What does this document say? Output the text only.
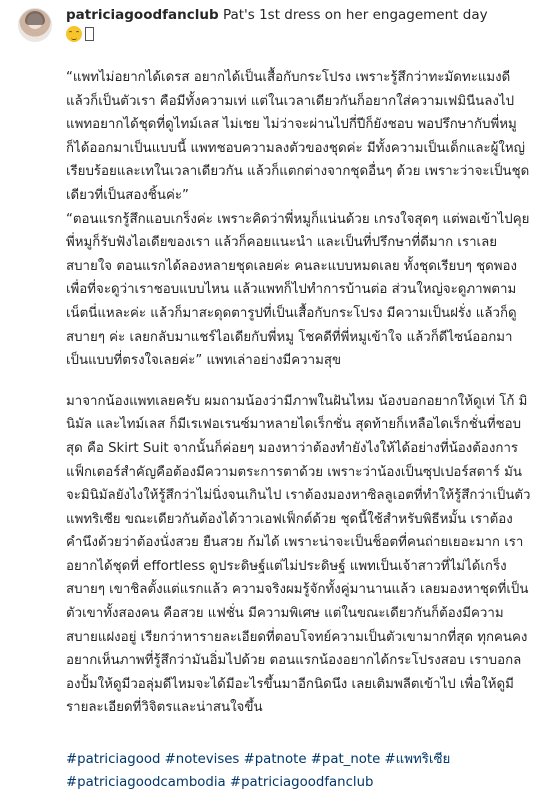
patriciagoodfanclub Pat's 1st dress on her engagement day

“แพทไม่อยากได้เดรส อยากได้เป็นเสื้อกับกระโปรง เพราะรู้สึกว่าทะมัดทะแมงดี แล้วก็เป็นตัวเรา คือมีทั้งความเท่ แต่ในเวลาเดียวกันก็อยากใส่ความเฟมินีนลงไป แพทอยากได้ชุดที่ดูไทม์เลส ไม่เชย ไม่ว่าจะผ่านไปกี่ปีก็ยังชอบ พอปรึกษากับพี่หมูก็ได้ออกมาเป็นแบบนี้ แพทชอบความลงตัวของชุดค่ะ มีทั้งความเป็นเด็กและผู้ใหญ่ เรียบร้อยและเทในเวลาเดียวกัน แล้วก็แตกต่างจากชุดอื่นๆ ด้วย เพราะว่าจะเป็นชุดเดียวที่เป็นสองชิ้นค่ะ”

“ตอนแรกรู้สึกแอบเกร็งค่ะ เพราะคิดว่าพี่หมูก็แน่นด้วย เกรงใจสุดๆ แต่พอเข้าไปคุย พี่หมูก็รับฟังไอเดียของเรา แล้วก็คอยแนะนำ และเป็นที่ปรึกษาที่ดีมาก เราเลยสบายใจ ตอนแรกได้ลองหลายชุดเลยค่ะ คนละแบบหมดเลย ทั้งชุดเรียบๆ ชุดพอง เพื่อที่จะดูว่าเราชอบแบบไหน แล้วแพทก็ไปทำการบ้านต่อ ส่วนใหญ่จะดูภาพตามเน็ตนี่แหละค่ะ แล้วก็มาสะดุดตารูปที่เป็นเสื้อกับกระโปรง มีความเป็นฝรั่ง แล้วก็ดูสบายๆ ค่ะ เลยกลับมาแชร์ไอเดียกับพี่หมู โชคดีที่พี่หมูเข้าใจ แล้วก็ดีไซน์ออกมาเป็นแบบที่ตรงใจเลยค่ะ” แพทเล่าอย่างมีความสุข

มาจากน้องแพทเลยครับ ผมถามน้องว่ามีภาพในฝันไหม น้องบอกอยากให้ดูเท่ โก้ มินิมัล และไทม์เลส ก็มีเรเฟอเรนซ์มาหลายไดเร็กชั่น สุดท้ายก็เหลือไดเร็กชั่นที่ชอบสุด คือ Skirt Suit จากนั้นก็ค่อยๆ มองหาว่าต้องทำยังไงให้ได้อย่างที่น้องต้องการ แฟ็กเตอร์สำคัญคือต้องมีความตระการตาด้วย เพราะว่าน้องเป็นซุปเปอร์สตาร์ มันจะมินิมัลยังไงให้รู้สึกว่าไม่นิ่งจนเกินไป เราต้องมองหาซิลลูเอตที่ทำให้รู้สึกว่าเป็นตัวแพทริเซีย ขณะเดียวกันต้องได้วาวเอฟเฟ็กต์ด้วย ชุดนี้ใช้สำหรับพิธีหมั้น เราต้องคำนึงด้วยว่าต้องนั่งสวย ยืนสวย ก้มได้ เพราะน่าจะเป็นช็อตที่คนถ่ายเยอะมาก เราอยากได้ชุดที่ effortless ดูประดิษฐ์แต่ไม่ประดิษฐ์ แพทเป็นเจ้าสาวที่ไม่ได้เกร็ง สบายๆ เขาชิลตั้งแต่แรกแล้ว ความจริงผมรู้จักทั้งคู่มานานแล้ว เลยมองหาชุดที่เป็นตัวเขาทั้งสองคน คือสวย แฟชั่น มีความพิเศษ แต่ในขณะเดียวกันก็ต้องมีความสบายแฝงอยู่ เรียกว่าหารายละเอียดที่ตอบโจทย์ความเป็นตัวเขามากที่สุด ทุกคนคงอยากเห็นภาพที่รู้สึกว่ามันอิ่มไปด้วย ตอนแรกน้องอยากได้กระโปรงสอบ เราบอกลองปั้มให้ดูมีวอลุ่มดีไหมจะได้มีอะไรขึ้นมาอีกนิดนึง เลยเติมพลีตเข้าไป เพื่อให้ดูมีรายละเอียดที่วิจิตรและน่าสนใจขึ้น

#patriciagood #notevises #patnote #pat_note #แพทริเซีย
#patriciagoodcambodia #patriciagoodfanclub
